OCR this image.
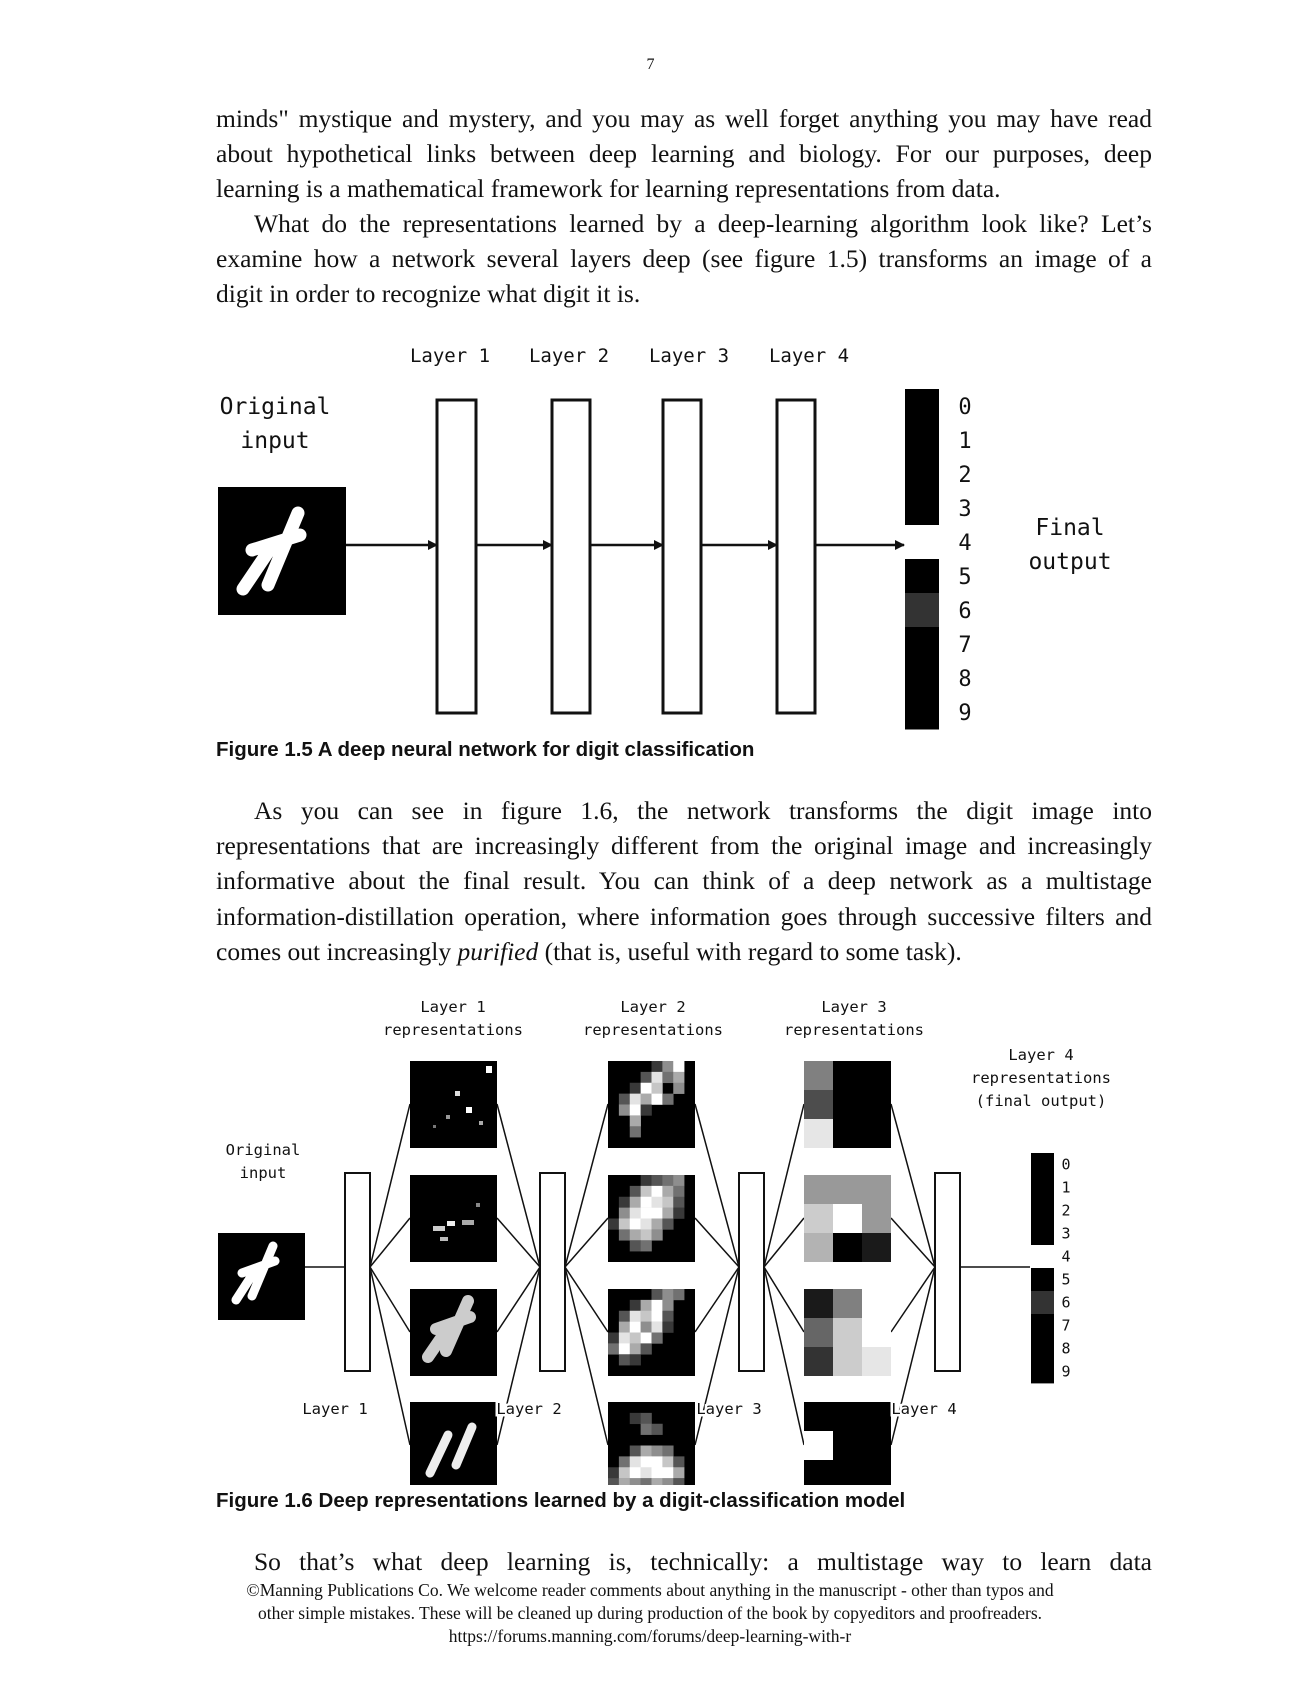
7

minds" mystique and mystery, and you may as well forget anything you may have read
about hypothetical links between deep learning and biology. For our purposes, deep
learning is a mathematical framework for learning representations from data.

What do the representations learned by a deep-learning algorithm look like? Let’s
examine how a network several layers deep (see figure 1.5) transforms an image of a
digit in order to recognize what digit it is.

Layer 1 Layer 2 Layer 3 Layer 4
Original
input
0
1
2
3
4
5
6
7
8
9
Final
output
Figure 1.5 A deep neural network for digit classification

As you can see in figure 1.6, the network transforms the digit image into
representations that are increasingly different from the original image and increasingly
informative about the final result. You can think of a deep network as a multistage
information-distillation operation, where information goes through successive filters and
comes out increasingly purified (that is, useful with regard to some task).

Layer 1
representations
Layer 2
representations
Layer 3
representations
Layer 4
representations
(final output)
Original
input	0
1
2
3
4
5
6
7
8
9
Layer 1	Layer 2	Layer 3	Layer 4
Figure 1.6 Deep representations learned by a digit-classification model

So that’s what deep learning is, technically: a multistage way to learn data

©Manning Publications Co. We welcome reader comments about anything in the manuscript - other than typos and
other simple mistakes. These will be cleaned up during production of the book by copyeditors and proofreaders.
https://forums.manning.com/forums/deep-learning-with-r
